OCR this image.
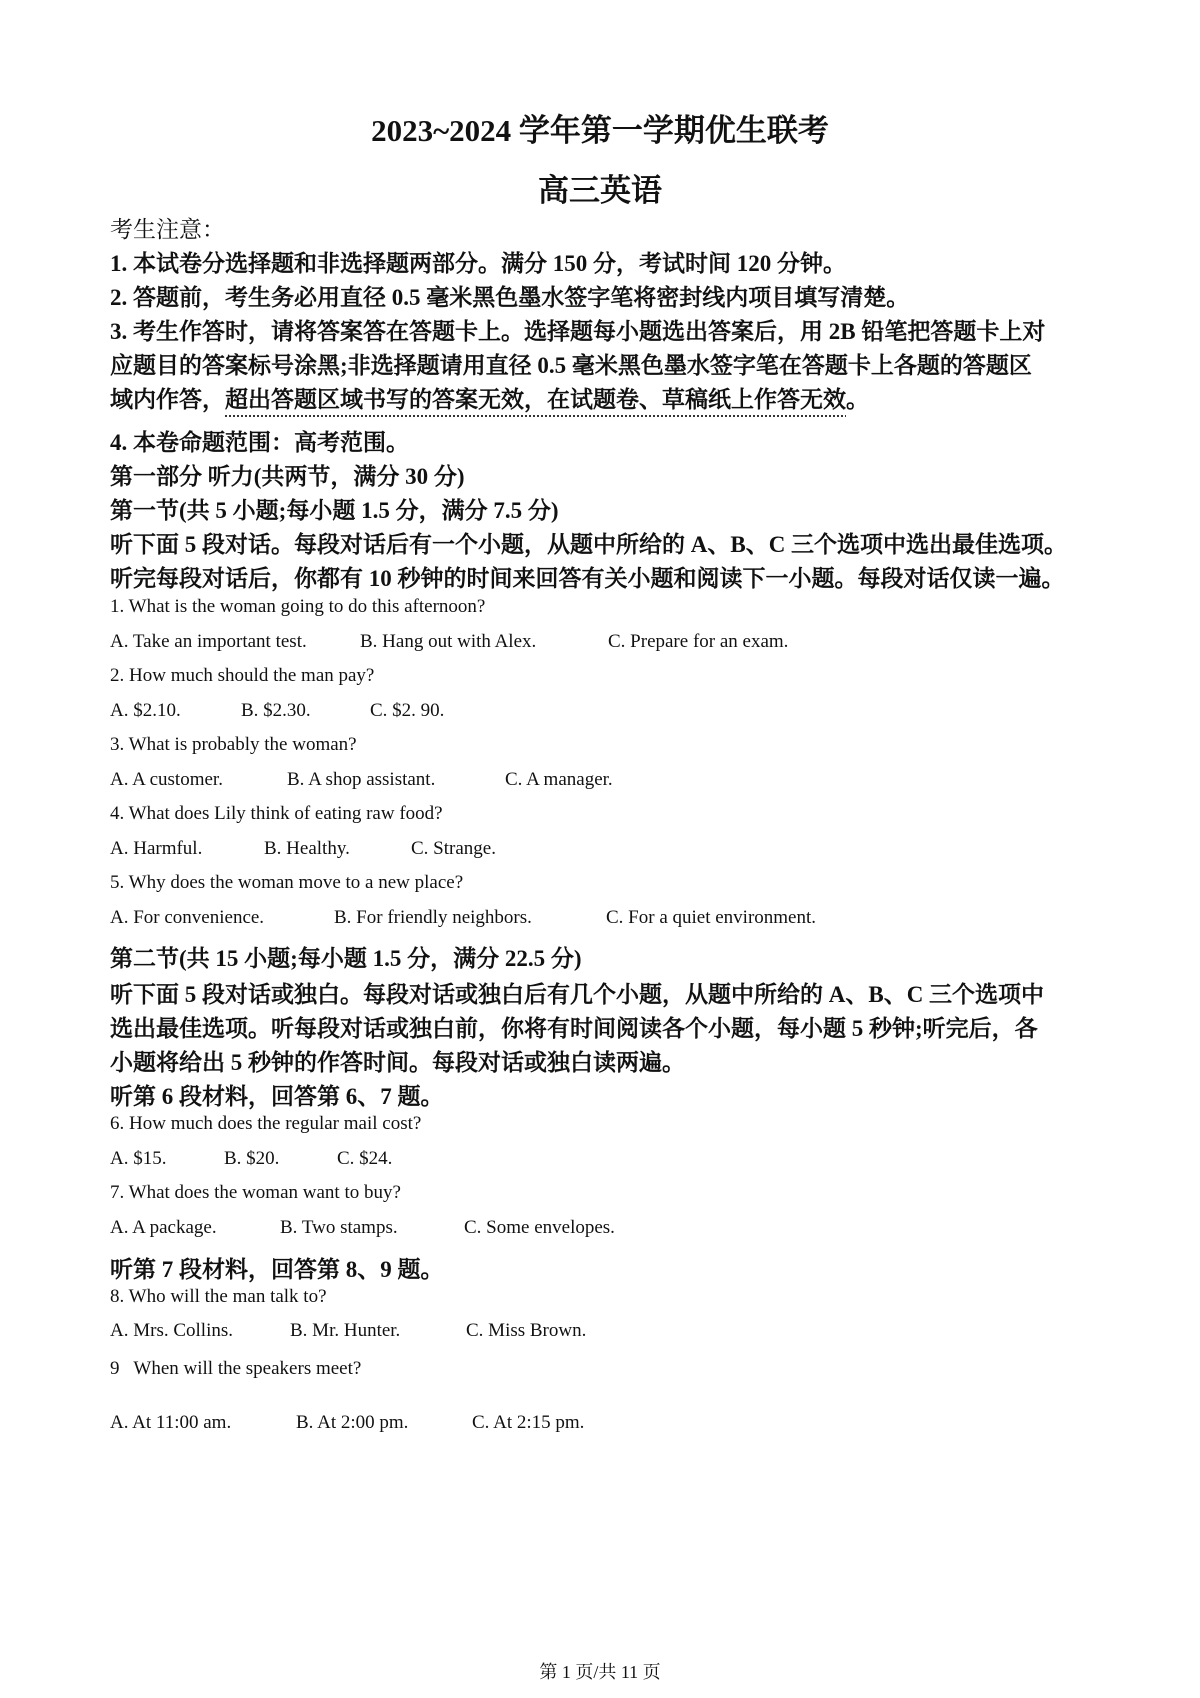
2023~2024 学年第一学期优生联考
高三英语
考生注意：
1. 本试卷分选择题和非选择题两部分。满分 150 分，考试时间 120 分钟。
2. 答题前，考生务必用直径 0.5 毫米黑色墨水签字笔将密封线内项目填写清楚。
3. 考生作答时，请将答案答在答题卡上。选择题每小题选出答案后，用 2B 铅笔把答题卡上对
应题目的答案标号涂黑;非选择题请用直径 0.5 毫米黑色墨水签字笔在答题卡上各题的答题区
域内作答，超出答题区域书写的答案无效，在试题卷、草稿纸上作答无效。
4. 本卷命题范围：高考范围。
第一部分 听力(共两节，满分 30 分)
第一节(共 5 小题;每小题 1.5 分，满分 7.5 分)
听下面 5 段对话。每段对话后有一个小题，从题中所给的 A、B、C 三个选项中选出最佳选项。
听完每段对话后，你都有 10 秒钟的时间来回答有关小题和阅读下一小题。每段对话仅读一遍。
1. What is the woman going to do this afternoon?
A. Take an important test.	B. Hang out with Alex.	C. Prepare for an exam.
2. How much should the man pay?
A. $2.10.	B. $2.30.	C. $2. 90.
3. What is probably the woman?
A. A customer.	B. A shop assistant.	C. A manager.
4. What does Lily think of eating raw food?
A. Harmful.	B. Healthy.	C. Strange.
5. Why does the woman move to a new place?
A. For convenience.	B. For friendly neighbors.	C. For a quiet environment.
第二节(共 15 小题;每小题 1.5 分，满分 22.5 分)
听下面 5 段对话或独白。每段对话或独白后有几个小题，从题中所给的 A、B、C 三个选项中
选出最佳选项。听每段对话或独白前，你将有时间阅读各个小题，每小题 5 秒钟;听完后，各
小题将给出 5 秒钟的作答时间。每段对话或独白读两遍。
听第 6 段材料，回答第 6、7 题。
6. How much does the regular mail cost?
A. $15.	B. $20.	C. $24.
7. What does the woman want to buy?
A. A package.	B. Two stamps.	C. Some envelopes.
听第 7 段材料，回答第 8、9 题。
8. Who will the man talk to?
A. Mrs. Collins.	B. Mr. Hunter.	C. Miss Brown.
9   When will the speakers meet?
A. At 11:00 am.	B. At 2:00 pm.	C. At 2:15 pm.
第 1 页/共 11 页
